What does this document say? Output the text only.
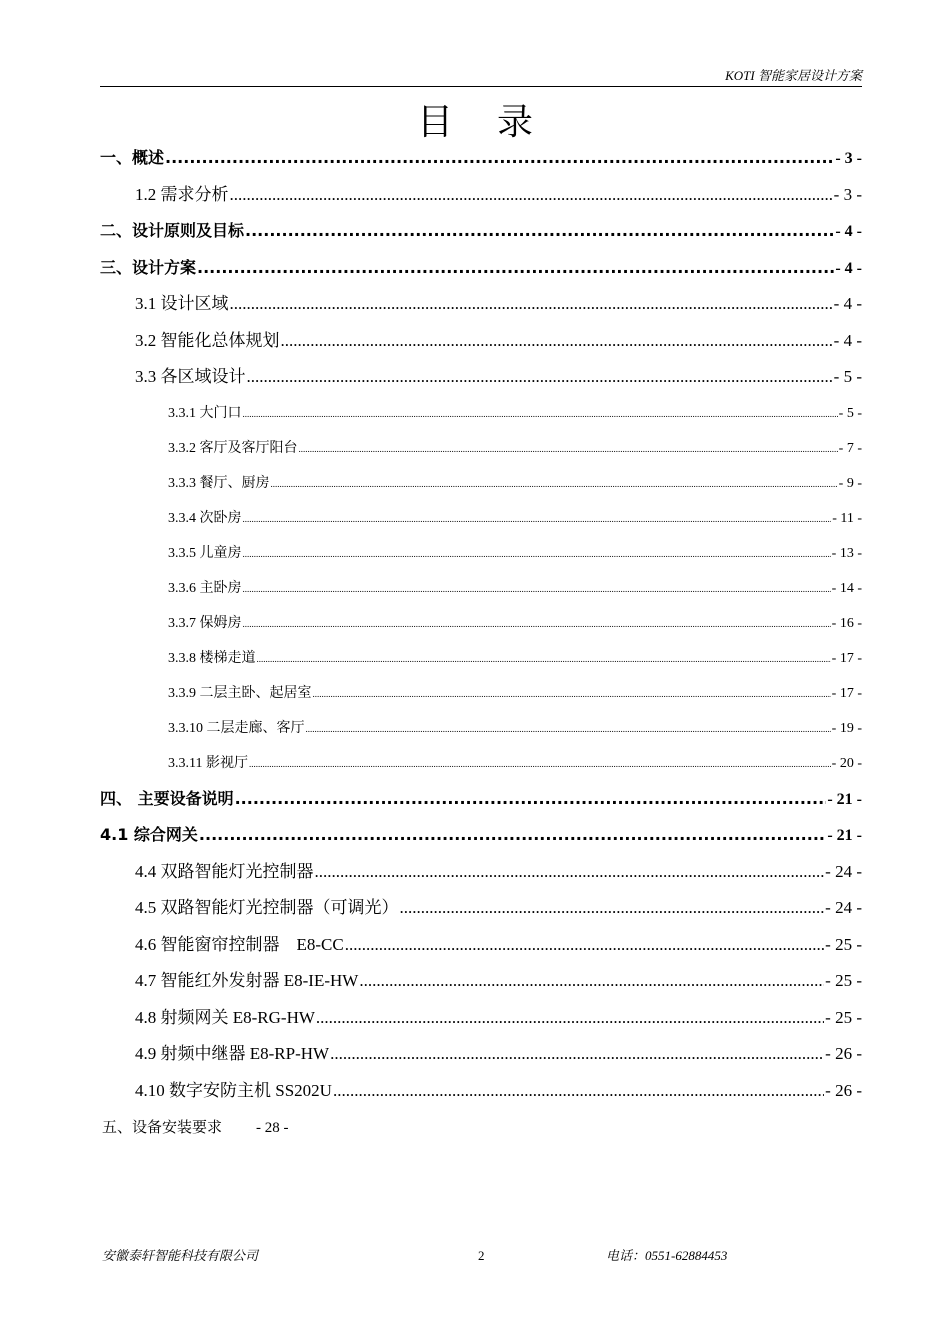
KOTI 智能家居设计方案
目录
一、概述 .....	- 3 -
1.2 需求分析 .....	- 3 -
二、设计原则及目标 .....	- 4 -
三、设计方案 .....	- 4 -
3.1 设计区域 .....	- 4 -
3.2 智能化总体规划 .....	- 4 -
3.3 各区域设计 .....	- 5 -
3.3.1 大门口 .....	- 5 -
3.3.2 客厅及客厅阳台 .....	- 7 -
3.3.3 餐厅、厨房 .....	- 9 -
3.3.4 次卧房 .....	- 11 -
3.3.5 儿童房 .....	- 13 -
3.3.6 主卧房 .....	- 14 -
3.3.7 保姆房 .....	- 16 -
3.3.8 楼梯走道 .....	- 17 -
3.3.9 二层主卧、起居室 .....	- 17 -
3.3.10 二层走廊、客厅 .....	- 19 -
3.3.11 影视厅 .....	- 20 -
四、 主要设备说明 .....	- 21 -
4.1 综合网关 .....	- 21 -
4.4 双路智能灯光控制器 .....	- 24 -
4.5 双路智能灯光控制器（可调光） .....	- 24 -
4.6 智能窗帘控制器　E8-CC .....	- 25 -
4.7 智能红外发射器 E8-IE-HW .....	- 25 -
4.8 射频网关 E8-RG-HW .....	- 25 -
4.9 射频中继器 E8-RP-HW .....	- 26 -
4.10 数字安防主机 SS202U .....	- 26 -
五、设备安装要求 - 28 -
安徽泰轩智能科技有限公司	2	电话：0551-62884453
